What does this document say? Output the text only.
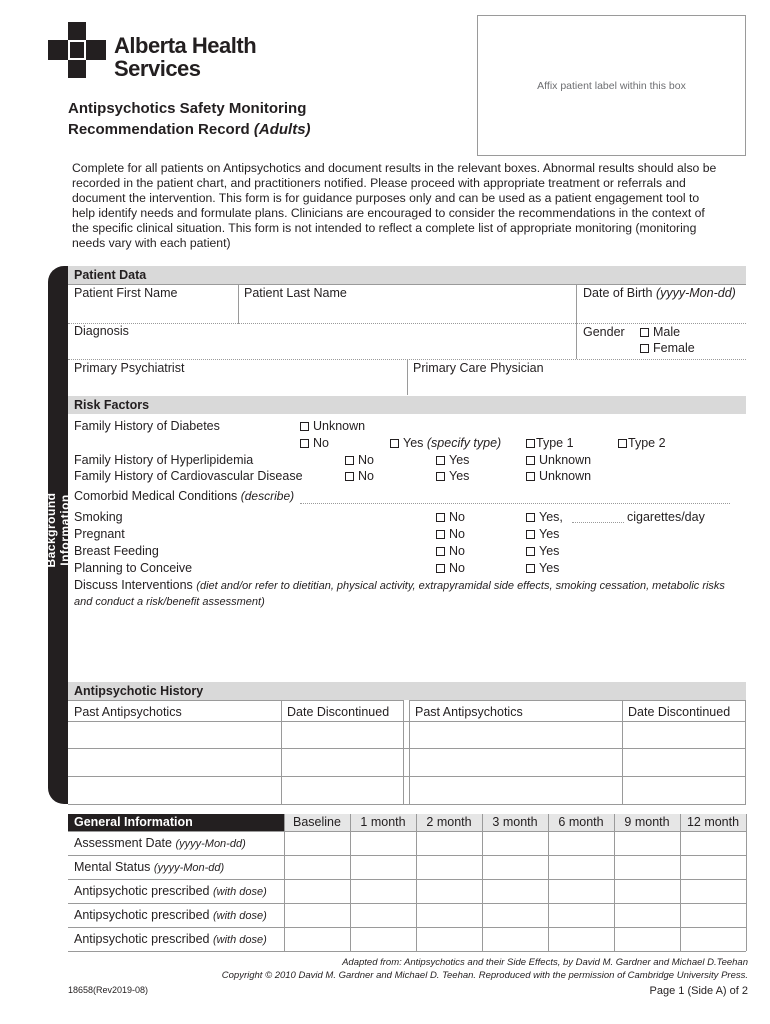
Alberta Health
Services
Affix patient label within this box
Antipsychotics Safety Monitoring
Recommendation Record (Adults)
Complete for all patients on Antipsychotics and document results in the relevant boxes. Abnormal results should also be
recorded in the patient chart, and practitioners notified. Please proceed with appropriate treatment or referrals and
document the intervention. This form is for guidance purposes only and can be used as a patient engagement tool to
help identify needs and formulate plans. Clinicians are encouraged to consider the recommendations in the context of
the specific clinical situation. This form is not intended to reflect a complete list of appropriate monitoring (monitoring
needs vary with each patient)
Background Information
Patient Data
Patient First Name	Patient Last Name	Date of Birth (yyyy-Mon-dd)
Diagnosis	Gender	Male
Female
Primary Psychiatrist	Primary Care Physician
Risk Factors
Family History of Diabetes	Unknown
No	Yes (specify type)	Type 1	Type 2
Family History of Hyperlipidemia	No	Yes	Unknown
Family History of Cardiovascular Disease	No	Yes	Unknown
Comorbid Medical Conditions (describe)
Smoking	No	Yes,	cigarettes/day
Pregnant	No	Yes
Breast Feeding	No	Yes
Planning to Conceive	No	Yes
Discuss Interventions (diet and/or refer to dietitian, physical activity, extrapyramidal side effects, smoking cessation, metabolic risks
and conduct a risk/benefit assessment)
Antipsychotic History
Past Antipsychotics	Date Discontinued Past Antipsychotics	Date Discontinued
General Information	Baseline	1 month	2 month	3 month	6 month	9 month	12 month
Assessment Date (yyyy-Mon-dd)
Mental Status (yyyy-Mon-dd)
Antipsychotic prescribed (with dose)
Antipsychotic prescribed (with dose)
Antipsychotic prescribed (with dose)
Adapted from: Antipsychotics and their Side Effects, by David M. Gardner and Michael D.Teehan
Copyright © 2010 David M. Gardner and Michael D. Teehan. Reproduced with the permission of Cambridge University Press.
18658(Rev2019-08)	Page 1 (Side A) of 2
